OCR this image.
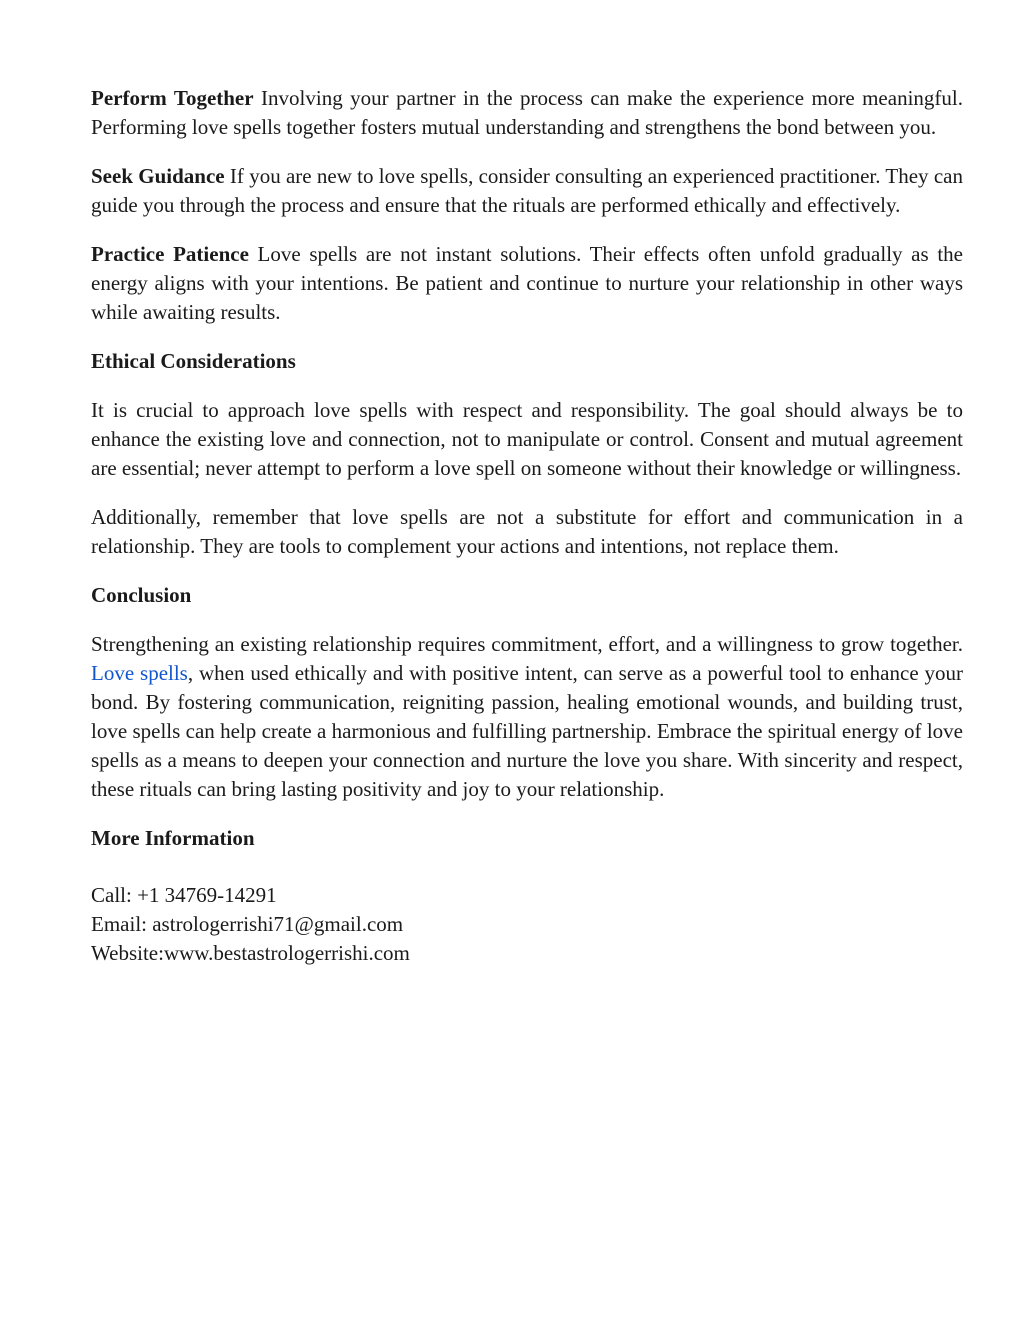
Perform Together Involving your partner in the process can make the experience more meaningful. Performing love spells together fosters mutual understanding and strengthens the bond between you.

Seek Guidance If you are new to love spells, consider consulting an experienced practitioner. They can guide you through the process and ensure that the rituals are performed ethically and effectively.

Practice Patience Love spells are not instant solutions. Their effects often unfold gradually as the energy aligns with your intentions. Be patient and continue to nurture your relationship in other ways while awaiting results.

Ethical Considerations

It is crucial to approach love spells with respect and responsibility. The goal should always be to enhance the existing love and connection, not to manipulate or control. Consent and mutual agreement are essential; never attempt to perform a love spell on someone without their knowledge or willingness.

Additionally, remember that love spells are not a substitute for effort and communication in a relationship. They are tools to complement your actions and intentions, not replace them.

Conclusion

Strengthening an existing relationship requires commitment, effort, and a willingness to grow together. Love spells, when used ethically and with positive intent, can serve as a powerful tool to enhance your bond. By fostering communication, reigniting passion, healing emotional wounds, and building trust, love spells can help create a harmonious and fulfilling partnership. Embrace the spiritual energy of love spells as a means to deepen your connection and nurture the love you share. With sincerity and respect, these rituals can bring lasting positivity and joy to your relationship.

More Information
Call: +1 34769-14291
Email: astrologerrishi71@gmail.com
Website:www.bestastrologerrishi.com
